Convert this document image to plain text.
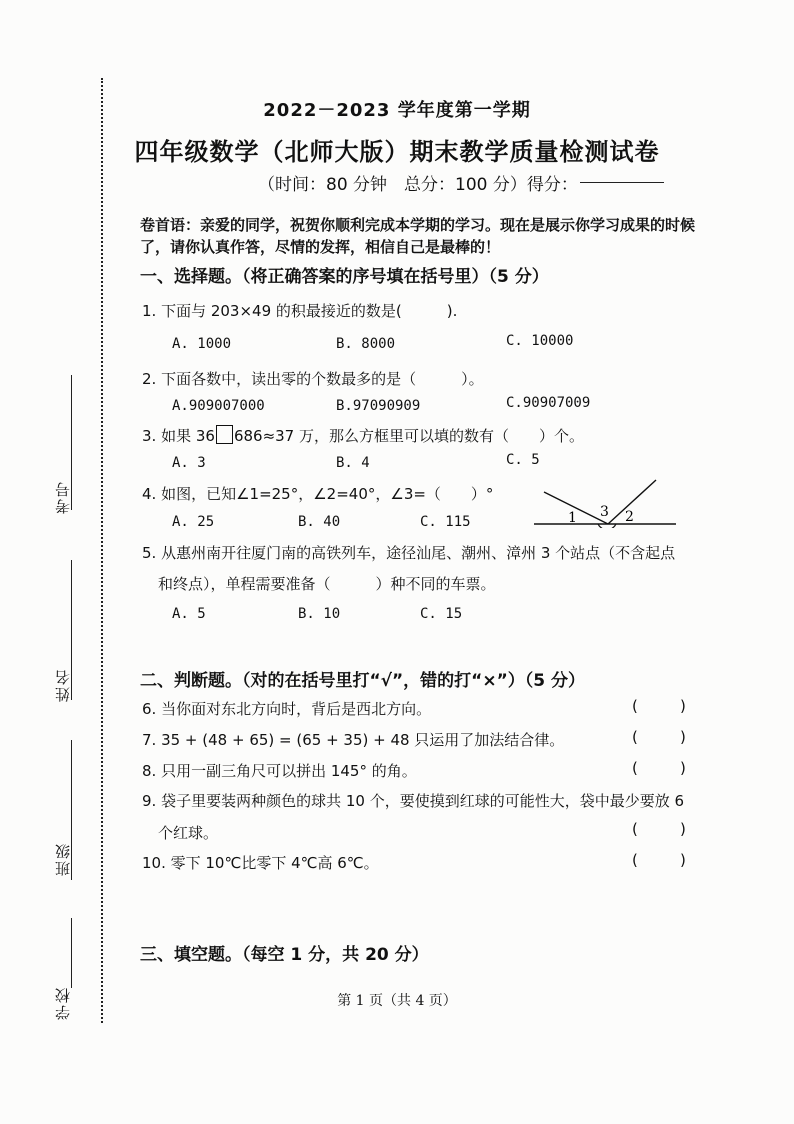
考号
姓名
班级
学校
2022－2023 学年度第一学期
四年级数学（北师大版）期末教学质量检测试卷
（时间：80 分钟　总分：100 分）得分：
卷首语：亲爱的同学，祝贺你顺利完成本学期的学习。现在是展示你学习成果的时候了，请你认真作答，尽情的发挥，相信自己是最棒的！
一、选择题。（将正确答案的序号填在括号里）（5 分）
1. 下面与 203×49 的积最接近的数是(　　　).
A. 1000	B. 8000	C. 10000
2. 下面各数中，读出零的个数最多的是（　　　）。
A.909007000	B.97090909	C.90907009
3. 如果 36 686≈37 万，那么方框里可以填的数有（　　）个。
A. 3	B. 4	C. 5
4. 如图，已知∠1=25°，∠2=40°，∠3=（　　）°
A. 25	B. 40	C. 115	1 3 2
5. 从惠州南开往厦门南的高铁列车，途径汕尾、潮州、漳州 3 个站点（不含起点
和终点），单程需要准备（　　　）种不同的车票。
A. 5	B. 10	C. 15
二、判断题。（对的在括号里打“√”，错的打“×”）（5 分）
6. 当你面对东北方向时，背后是西北方向。	(	)
7. 35 + (48 + 65) = (65 + 35) + 48 只运用了加法结合律。	(	)
8. 只用一副三角尺可以拼出 145° 的角。	(	)
9. 袋子里要装两种颜色的球共 10 个，要使摸到红球的可能性大，袋中最少要放 6
个红球。	(	)
10. 零下 10℃比零下 4℃高 6℃。	(	)
三、填空题。（每空 1 分，共 20 分）
第 1 页（共 4 页）
